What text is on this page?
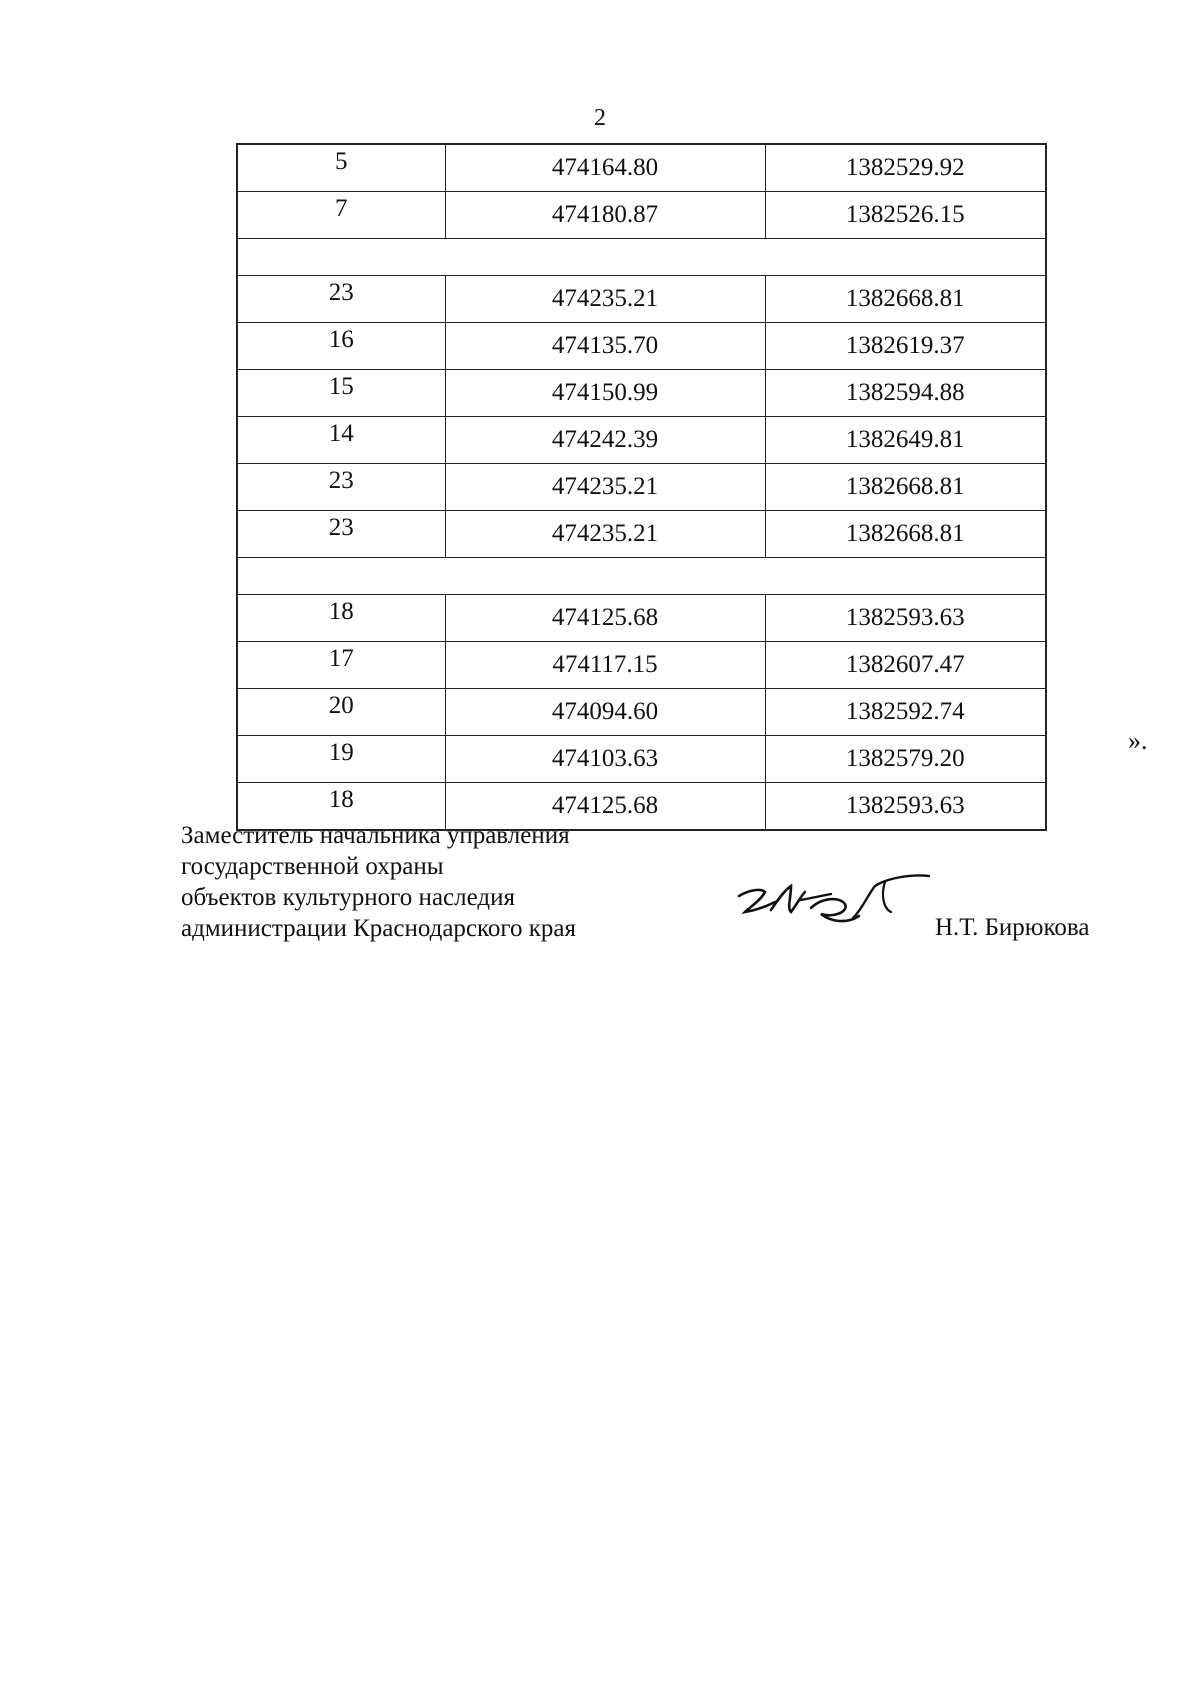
2
5	474164.80	1382529.92
7	474180.87	1382526.15

23	474235.21	1382668.81
16	474135.70	1382619.37
15	474150.99	1382594.88
14	474242.39	1382649.81
23	474235.21	1382668.81
23	474235.21	1382668.81

18	474125.68	1382593.63
17	474117.15	1382607.47
20	474094.60	1382592.74
19	474103.63	1382579.20
18	474125.68	1382593.63
».
Заместитель начальника управления
государственной охраны
объектов культурного наследия
администрации Краснодарского края	Н.Т. Бирюкова
